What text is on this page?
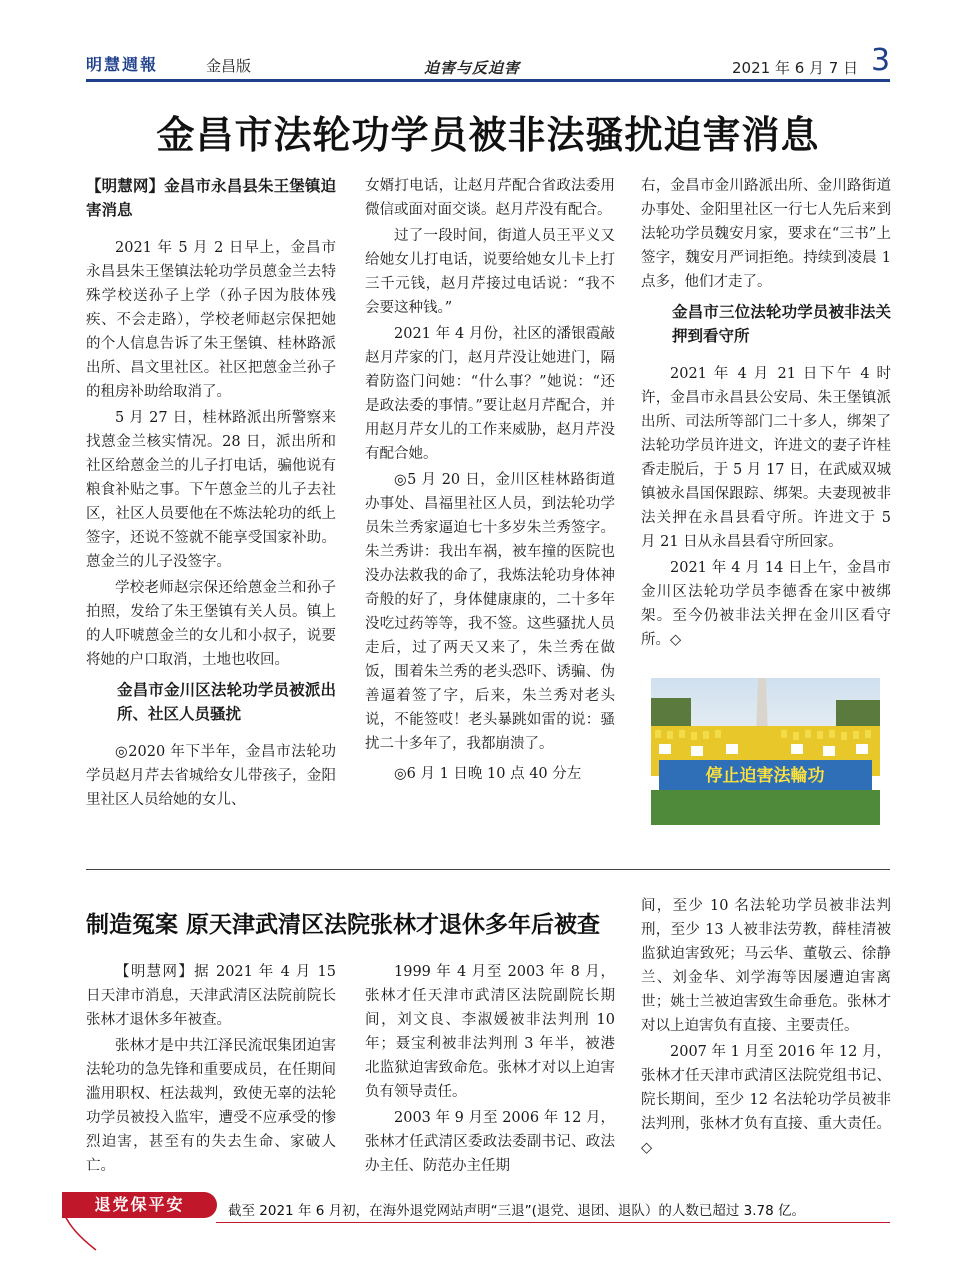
明慧週報	金昌版	迫害与反迫害	2021 年 6 月 7 日 3
金昌市法轮功学员被非法骚扰迫害消息
【明慧网】金昌市永昌县朱王堡镇迫害消息

2021 年 5 月 2 日早上，金昌市永昌县朱王堡镇法轮功学员蒽金兰去特殊学校送孙子上学（孙子因为肢体残疾、不会走路），学校老师赵宗保把她的个人信息告诉了朱王堡镇、桂林路派出所、昌文里社区。社区把蒽金兰孙子的租房补助给取消了。

5 月 27 日，桂林路派出所警察来找蒽金兰核实情况。28 日，派出所和社区给蒽金兰的儿子打电话，骗他说有粮食补贴之事。下午蒽金兰的儿子去社区，社区人员要他在不炼法轮功的纸上签字，还说不签就不能享受国家补助。蒽金兰的儿子没签字。

学校老师赵宗保还给蒽金兰和孙子拍照，发给了朱王堡镇有关人员。镇上的人吓唬蒽金兰的女儿和小叔子，说要将她的户口取消，土地也收回。

金昌市金川区法轮功学员被派出所、社区人员骚扰

◎2020 年下半年，金昌市法轮功学员赵月芹去省城给女儿带孩子，金阳里社区人员给她的女儿、

女婿打电话，让赵月芹配合省政法委用微信或面对面交谈。赵月芹没有配合。

过了一段时间，街道人员王平义又给她女儿打电话，说要给她女儿卡上打三千元钱，赵月芹接过电话说：“我不会要这种钱。”

2021 年 4 月份，社区的潘银霞敲赵月芹家的门，赵月芹没让她进门，隔着防盗门问她：“什么事？”她说：“还是政法委的事情。”要让赵月芹配合，并用赵月芹女儿的工作来威胁，赵月芹没有配合她。

◎5 月 20 日，金川区桂林路街道办事处、昌福里社区人员，到法轮功学员朱兰秀家逼迫七十多岁朱兰秀签字。朱兰秀讲：我出车祸，被车撞的医院也没办法救我的命了，我炼法轮功身体神奇般的好了，身体健康康的，二十多年没吃过药等等，我不签。这些骚扰人员走后，过了两天又来了，朱兰秀在做饭，围着朱兰秀的老头恐吓、诱骗、伪善逼着签了字，后来，朱兰秀对老头说，不能签哎！老头暴跳如雷的说：骚扰二十多年了，我都崩溃了。

◎6 月 1 日晚 10 点 40 分左

右，金昌市金川路派出所、金川路街道办事处、金阳里社区一行七人先后来到法轮功学员魏安月家，要求在“三书”上签字，魏安月严词拒绝。持续到凌晨 1 点多，他们才走了。

金昌市三位法轮功学员被非法关押到看守所

2021 年 4 月 21 日下午 4 时许，金昌市永昌县公安局、朱王堡镇派出所、司法所等部门二十多人，绑架了法轮功学员许进文，许进文的妻子许桂香走脱后，于 5 月 17 日，在武威双城镇被永昌国保跟踪、绑架。夫妻现被非法关押在永昌县看守所。许进文于 5 月 21 日从永昌县看守所回家。

2021 年 4 月 14 日上午，金昌市金川区法轮功学员李德香在家中被绑架。至今仍被非法关押在金川区看守所。◇

停止迫害法輪功
制造冤案 原天津武清区法院张林才退休多年后被查

【明慧网】据 2021 年 4 月 15 日天津市消息，天津武清区法院前院长张林才退休多年被查。

张林才是中共江泽民流氓集团迫害法轮功的急先锋和重要成员，在任期间滥用职权、枉法裁判，致使无辜的法轮功学员被投入监牢，遭受不应承受的惨烈迫害，甚至有的失去生命、家破人亡。

1999 年 4 月至 2003 年 8 月，张林才任天津市武清区法院副院长期间，刘文良、李淑媛被非法判刑 10 年；聂宝利被非法判刑 3 年半，被港北监狱迫害致命危。张林才对以上迫害负有领导责任。

2003 年 9 月至 2006 年 12 月，张林才任武清区委政法委副书记、政法办主任、防范办主任期

间，至少 10 名法轮功学员被非法判刑，至少 13 人被非法劳教，薛桂清被监狱迫害致死；马云华、董敬云、徐静兰、刘金华、刘学海等因屡遭迫害离世；姚士兰被迫害致生命垂危。张林才对以上迫害负有直接、主要责任。

2007 年 1 月至 2016 年 12 月，张林才任天津市武清区法院党组书记、院长期间，至少 12 名法轮功学员被非法判刑，张林才负有直接、重大责任。◇

退党保平安	截至 2021 年 6 月初，在海外退党网站声明“三退”(退党、退团、退队）的人数已超过 3.78 亿。
